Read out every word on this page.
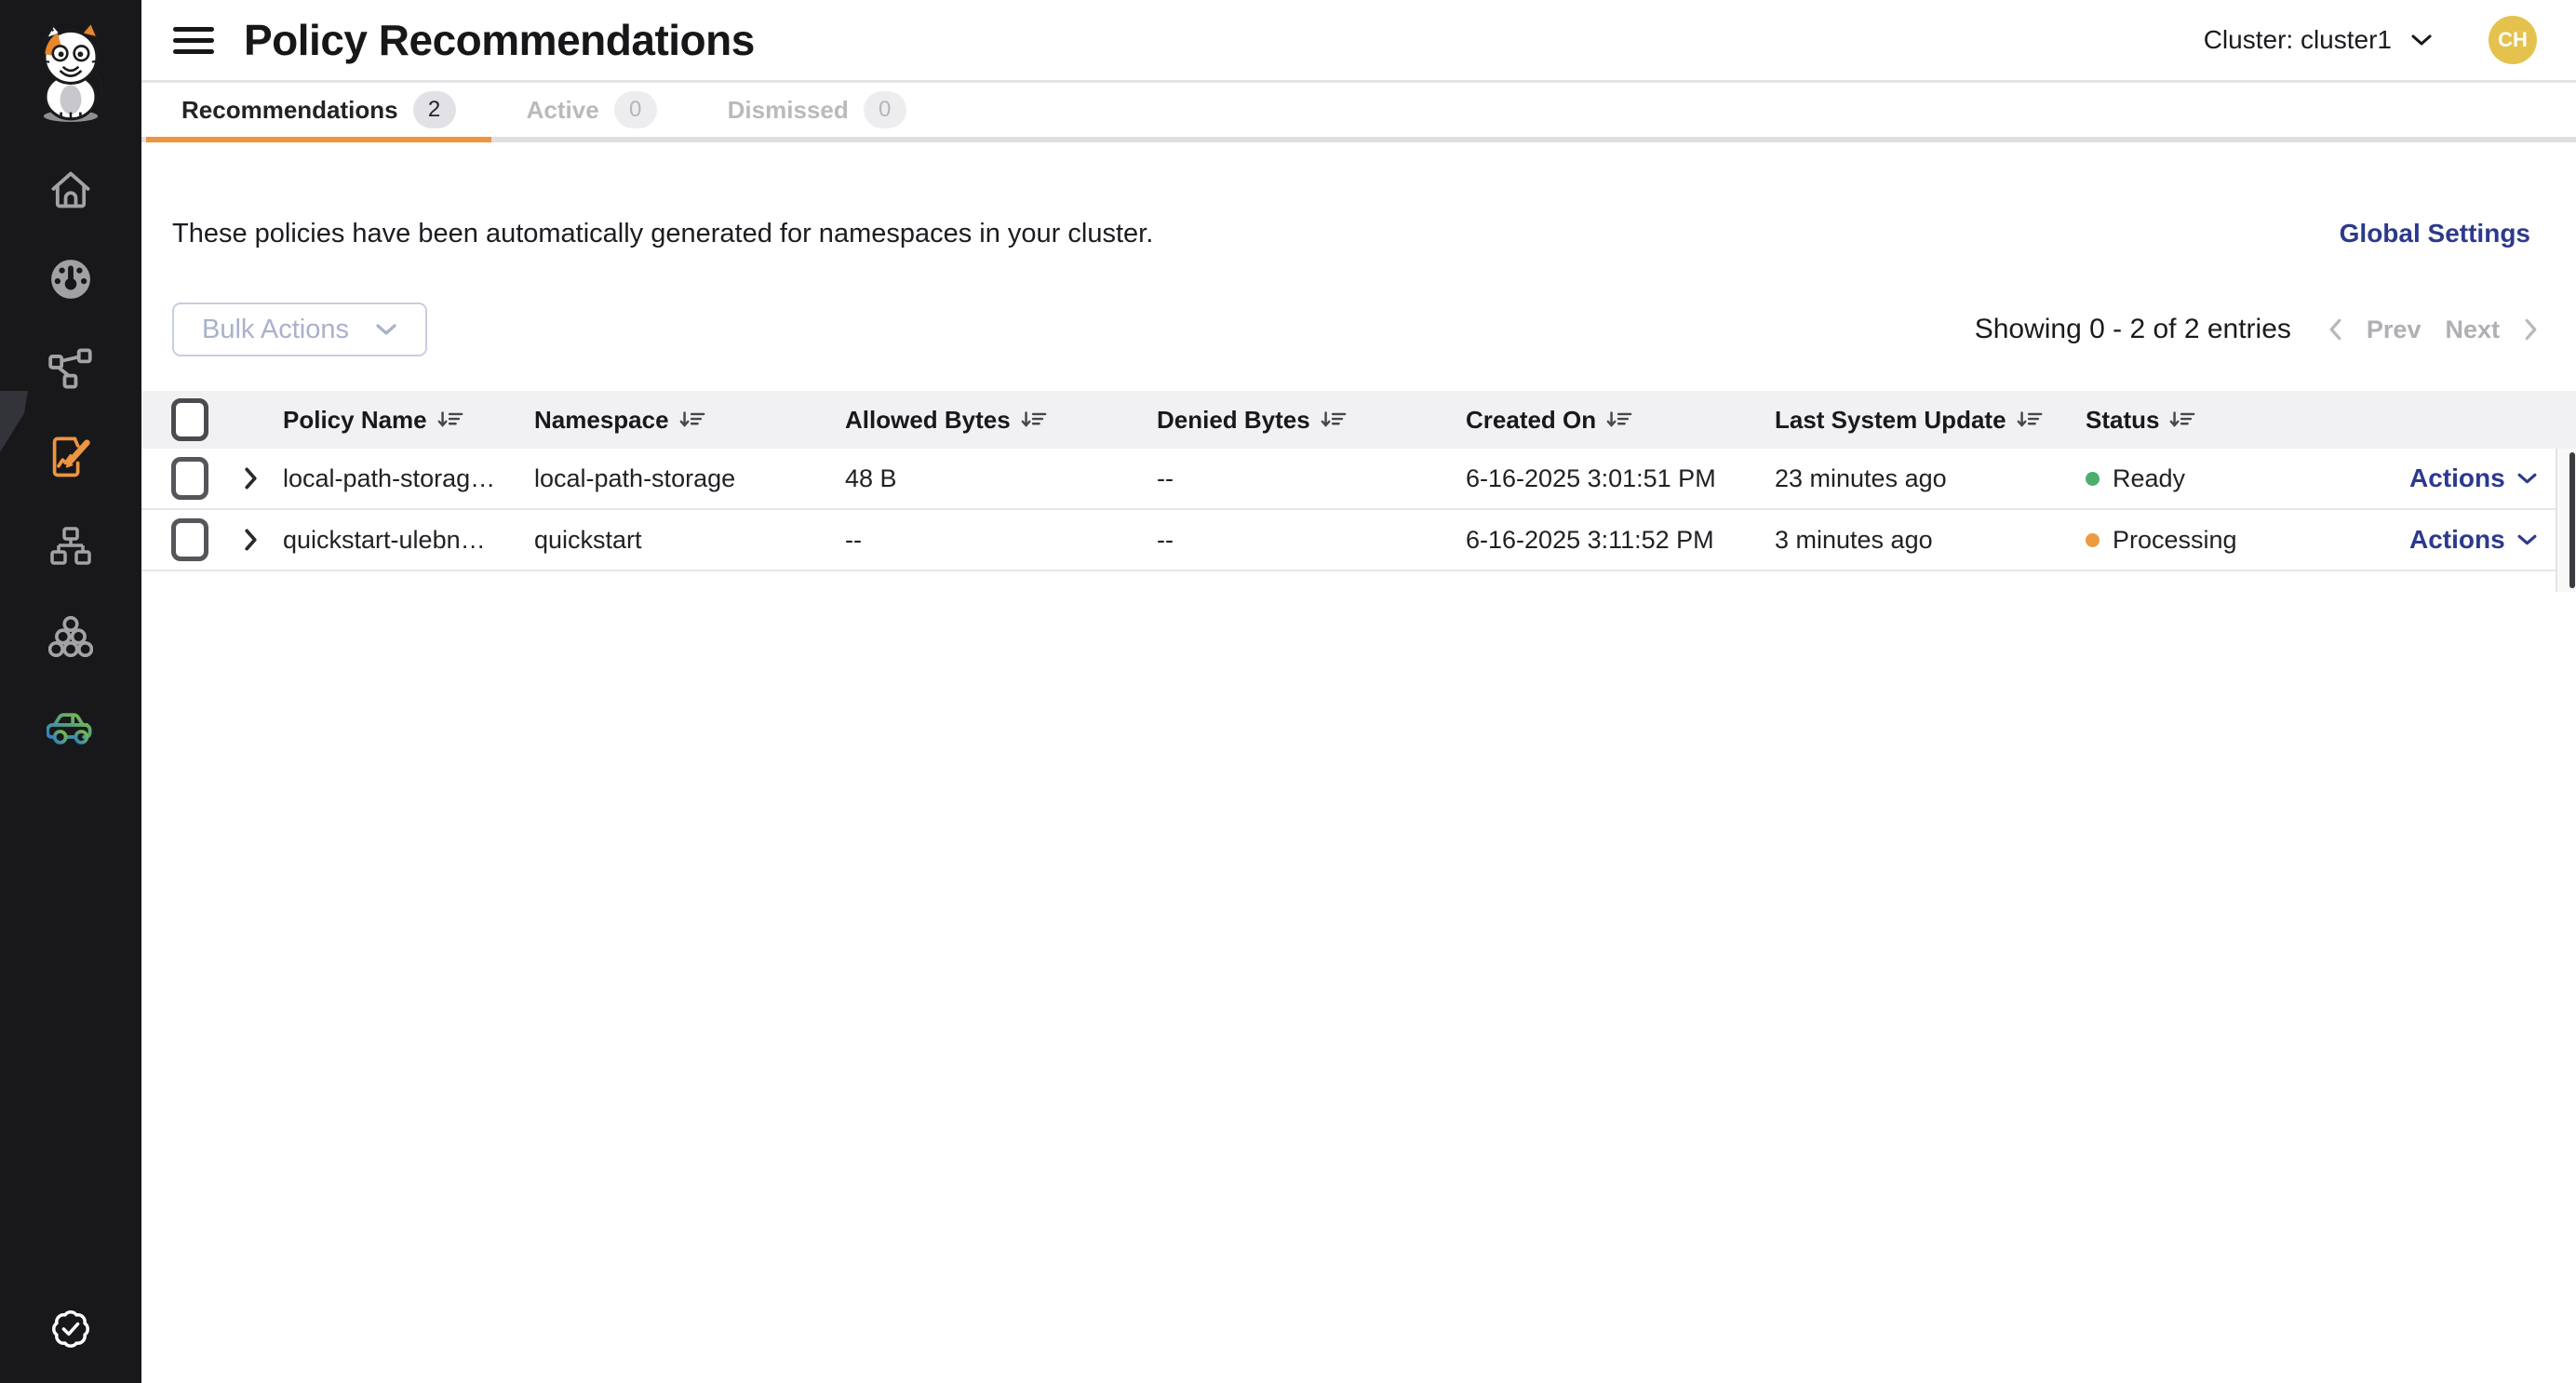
Policy Recommendations	Cluster: cluster1	CH
Recommendations	2	Active	0	Dismissed	0
These policies have been automatically generated for namespaces in your cluster.	Global Settings
Bulk Actions	Showing 0 - 2 of 2 entries	Prev Next
Policy Name	Namespace	Allowed Bytes	Denied Bytes	Created On	Last System Update	Status
local-path-storag…	local-path-storage	48 B	--	6-16-2025 3:01:51 PM	23 minutes ago	Ready	Actions
quickstart-ulebn…	quickstart	--	--	6-16-2025 3:11:52 PM	3 minutes ago	Processing	Actions
